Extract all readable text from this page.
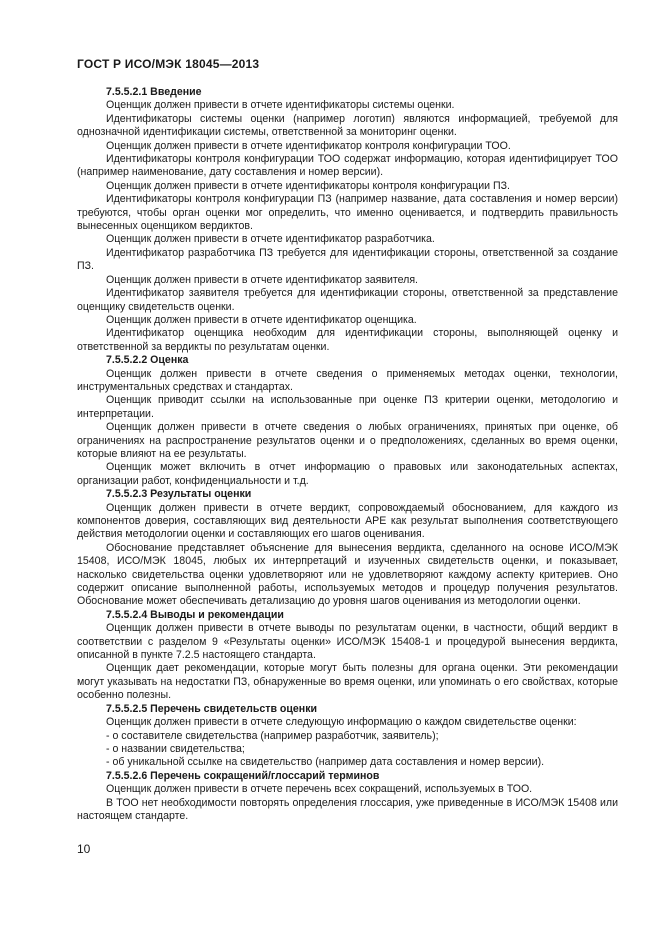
ГОСТ Р ИСО/МЭК 18045—2013

7.5.5.2.1 Введение

Оценщик должен привести в отчете идентификаторы системы оценки.

Идентификаторы системы оценки (например логотип) являются информацией, требуемой для однозначной идентификации системы, ответственной за мониторинг оценки.

Оценщик должен привести в отчете идентификатор контроля конфигурации ТОО.

Идентификаторы контроля конфигурации ТОО содержат информацию, которая идентифицирует ТОО (например наименование, дату составления и номер версии).

Оценщик должен привести в отчете идентификаторы контроля конфигурации ПЗ.

Идентификаторы контроля конфигурации ПЗ (например название, дата составления и номер версии) требуются, чтобы орган оценки мог определить, что именно оценивается, и подтвердить правильность вынесенных оценщиком вердиктов.

Оценщик должен привести в отчете идентификатор разработчика.

Идентификатор разработчика ПЗ требуется для идентификации стороны, ответственной за создание ПЗ.

Оценщик должен привести в отчете идентификатор заявителя.

Идентификатор заявителя требуется для идентификации стороны, ответственной за представление оценщику свидетельств оценки.

Оценщик должен привести в отчете идентификатор оценщика.

Идентификатор оценщика необходим для идентификации стороны, выполняющей оценку и ответственной за вердикты по результатам оценки.

7.5.5.2.2 Оценка

Оценщик должен привести в отчете сведения о применяемых методах оценки, технологии, инструментальных средствах и стандартах.

Оценщик приводит ссылки на использованные при оценке ПЗ критерии оценки, методологию и интерпретации.

Оценщик должен привести в отчете сведения о любых ограничениях, принятых при оценке, об ограничениях на распространение результатов оценки и о предположениях, сделанных во время оценки, которые влияют на ее результаты.

Оценщик может включить в отчет информацию о правовых или законодательных аспектах, организации работ, конфиденциальности и т.д.

7.5.5.2.3 Результаты оценки

Оценщик должен привести в отчете вердикт, сопровождаемый обоснованием, для каждого из компонентов доверия, составляющих вид деятельности APE как результат выполнения соответствующего действия методологии оценки и составляющих его шагов оценивания.

Обоснование представляет объяснение для вынесения вердикта, сделанного на основе ИСО/МЭК 15408, ИСО/МЭК 18045, любых их интерпретаций и изученных свидетельств оценки, и показывает, насколько свидетельства оценки удовлетворяют или не удовлетворяют каждому аспекту критериев. Оно содержит описание выполненной работы, используемых методов и процедур получения результатов. Обоснование может обеспечивать детализацию до уровня шагов оценивания из методологии оценки.

7.5.5.2.4 Выводы и рекомендации

Оценщик должен привести в отчете выводы по результатам оценки, в частности, общий вердикт в соответствии с разделом 9 «Результаты оценки» ИСО/МЭК 15408-1 и процедурой вынесения вердикта, описанной в пункте 7.2.5 настоящего стандарта.

Оценщик дает рекомендации, которые могут быть полезны для органа оценки. Эти рекомендации могут указывать на недостатки ПЗ, обнаруженные во время оценки, или упоминать о его свойствах, которые особенно полезны.

7.5.5.2.5 Перечень свидетельств оценки

Оценщик должен привести в отчете следующую информацию о каждом свидетельстве оценки:

- о составителе свидетельства (например разработчик, заявитель);

- о названии свидетельства;

- об уникальной ссылке на свидетельство (например дата составления и номер версии).

7.5.5.2.6 Перечень сокращений/глоссарий терминов

Оценщик должен привести в отчете перечень всех сокращений, используемых в ТОО.

В ТОО нет необходимости повторять определения глоссария, уже приведенные в ИСО/МЭК 15408 или настоящем стандарте.

10
